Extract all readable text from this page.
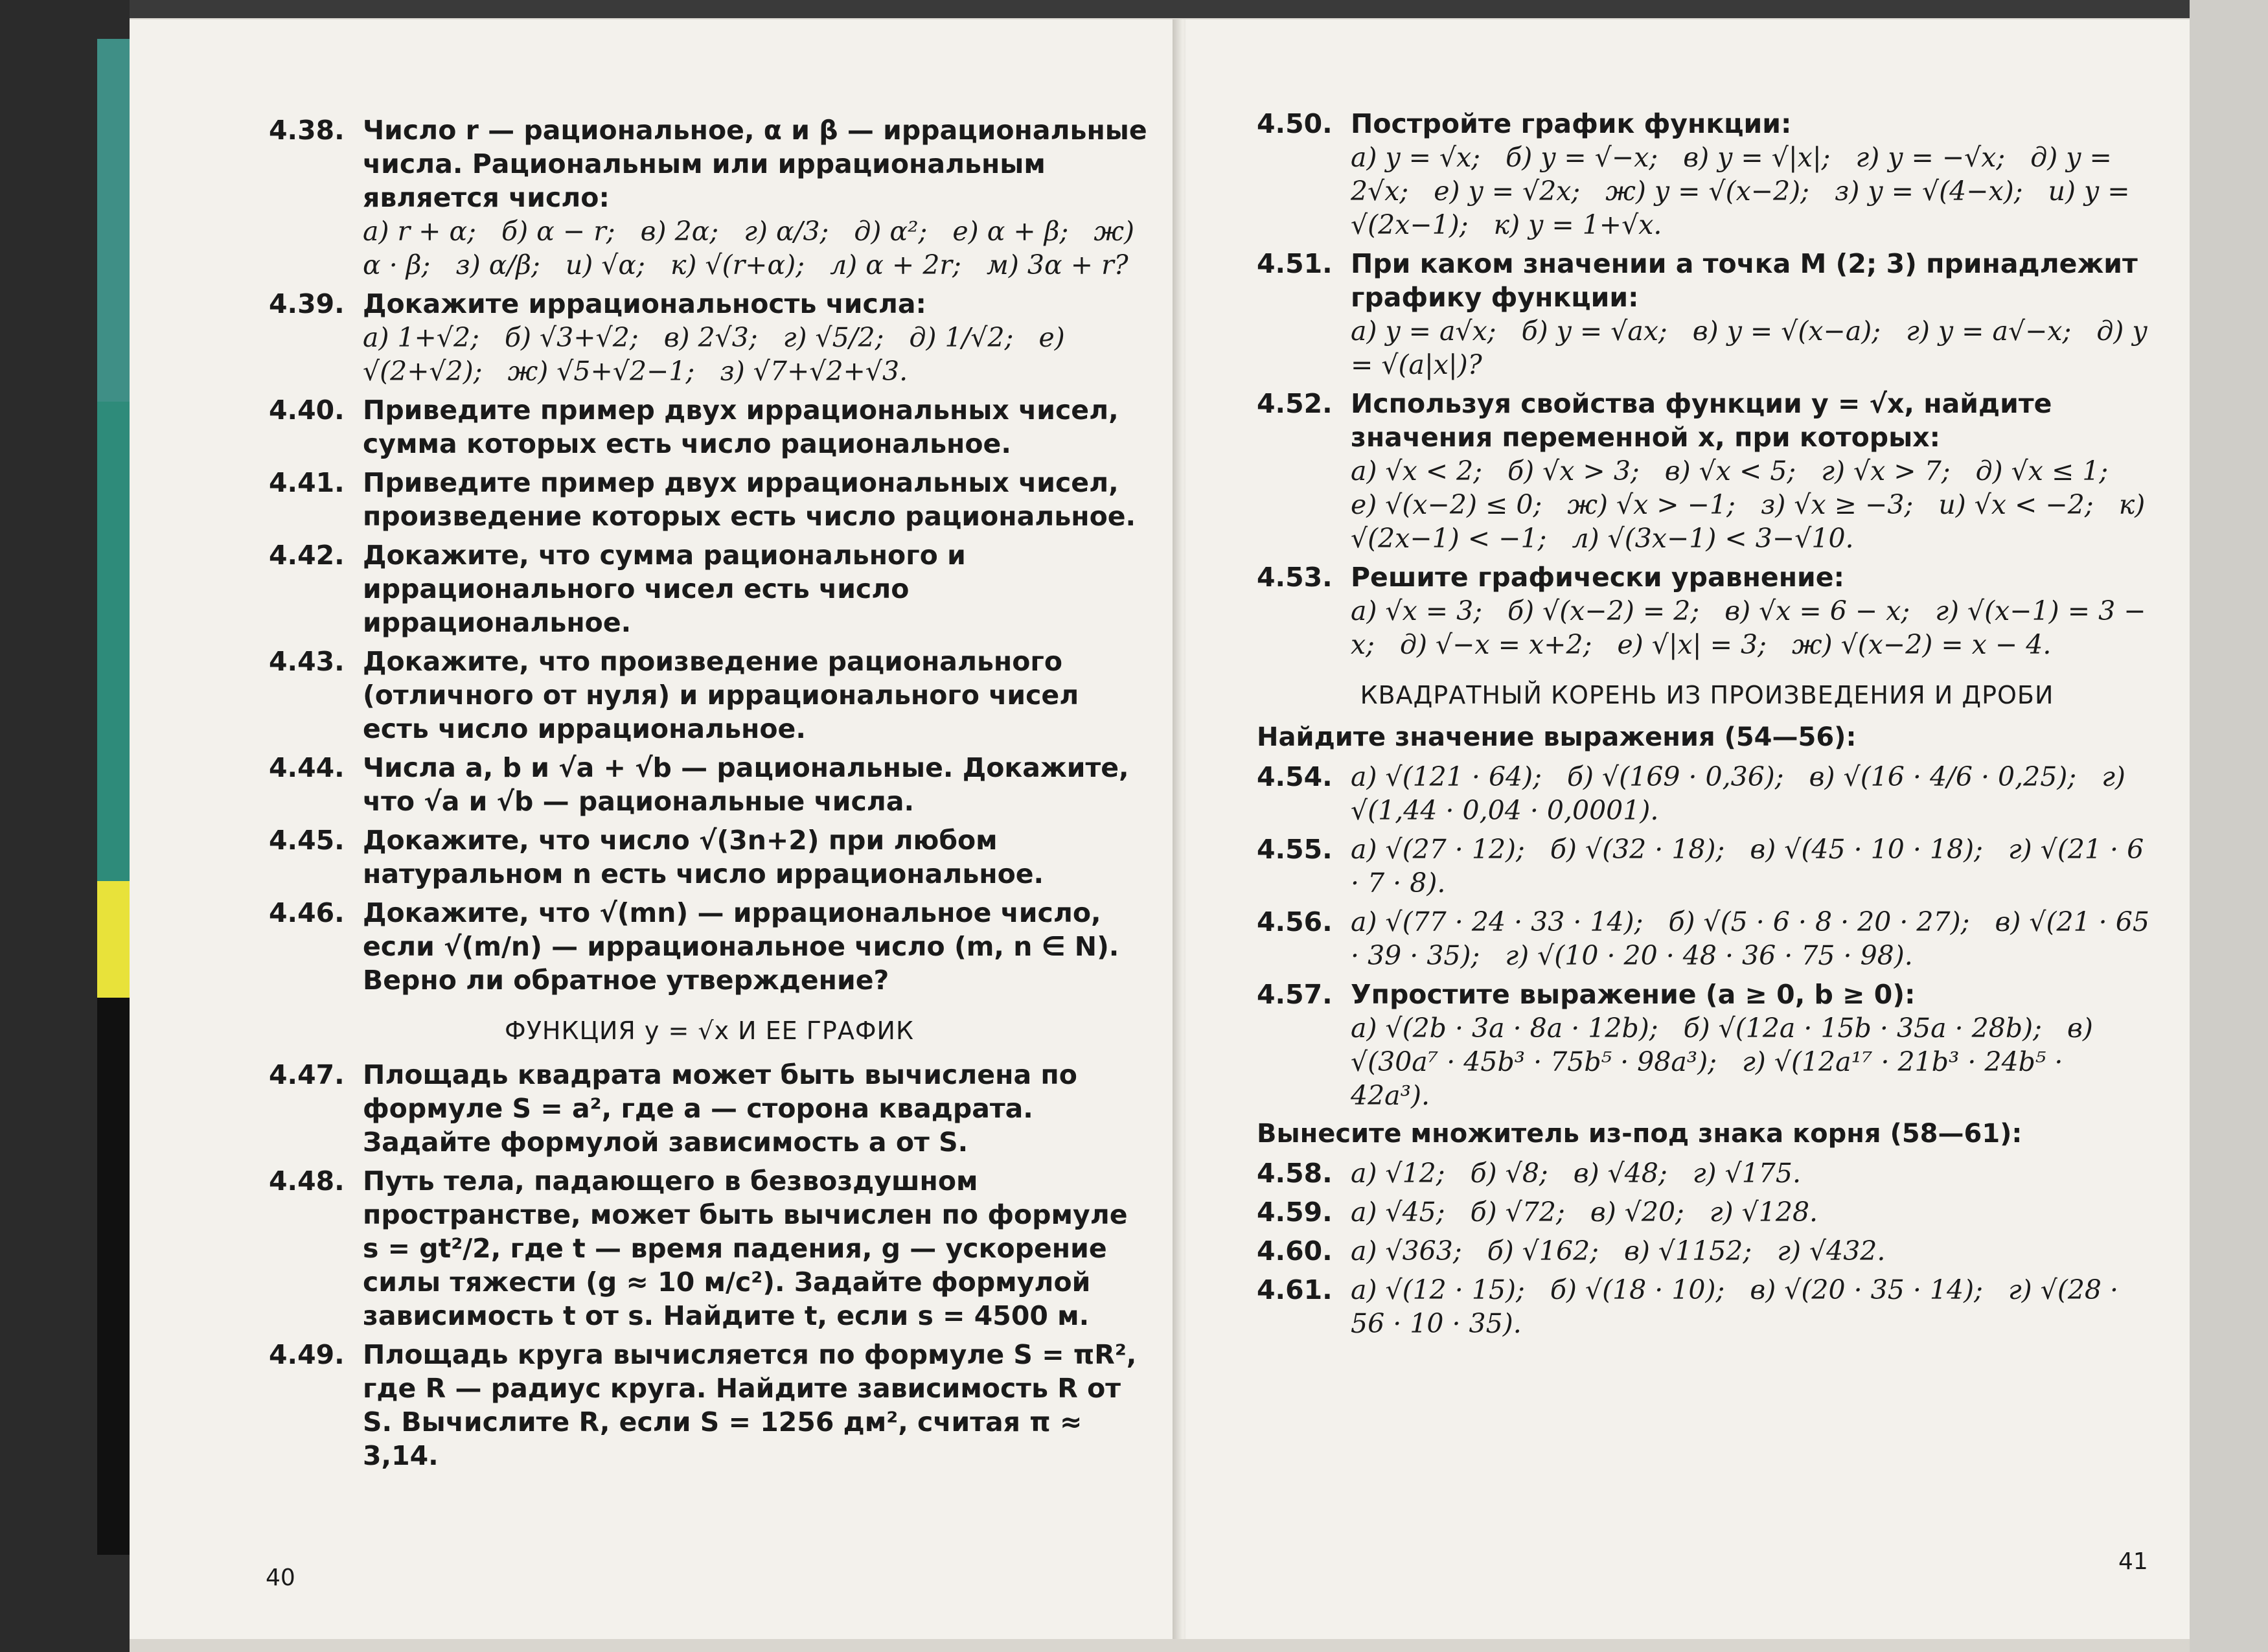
4.38. Число r — рациональное, α и β — иррациональные числа. Рациональным или иррациональным является число:
а) r + α; б) α − r; в) 2α; г) α/3; д) α²; е) α + β; ж) α · β; з) α/β; и) √α; к) √(r+α); л) α + 2r; м) 3α + r?
4.39. Докажите иррациональность числа:
а) 1+√2; б) √3+√2; в) 2√3; г) √5/2; д) 1/√2; е) √(2+√2); ж) √5+√2−1; з) √7+√2+√3.
4.40. Приведите пример двух иррациональных чисел, сумма которых есть число рациональное.
4.41. Приведите пример двух иррациональных чисел, произведение которых есть число рациональное.
4.42. Докажите, что сумма рационального и иррационального чисел есть число иррациональное.
4.43. Докажите, что произведение рационального (отличного от нуля) и иррационального чисел есть число иррациональное.
4.44. Числа a, b и √a + √b — рациональные. Докажите, что √a и √b — рациональные числа.
4.45. Докажите, что число √(3n+2) при любом натуральном n есть число иррациональное.
4.46. Докажите, что √(mn) — иррациональное число, если √(m/n) — иррациональное число (m, n ∈ N). Верно ли обратное утверждение?
ФУНКЦИЯ y = √x И ЕЕ ГРАФИК
4.47. Площадь квадрата может быть вычислена по формуле S = a², где a — сторона квадрата. Задайте формулой зависимость a от S.
4.48. Путь тела, падающего в безвоздушном пространстве, может быть вычислен по формуле s = gt²/2, где t — время падения, g — ускорение силы тяжести (g ≈ 10 м/с²). Задайте формулой зависимость t от s. Найдите t, если s = 4500 м.
4.49. Площадь круга вычисляется по формуле S = πR², где R — радиус круга. Найдите зависимость R от S. Вычислите R, если S = 1256 дм², считая π ≈ 3,14.
40
4.50. Постройте график функции:
а) y = √x; б) y = √−x; в) y = √|x|; г) y = −√x; д) y = 2√x; е) y = √2x; ж) y = √(x−2); з) y = √(4−x); и) y = √(2x−1); к) y = 1+√x.
4.51. При каком значении a точка M (2; 3) принадлежит графику функции:
а) y = a√x; б) y = √ax; в) y = √(x−a); г) y = a√−x; д) y = √(a|x|)?
4.52. Используя свойства функции y = √x, найдите значения переменной x, при которых:
а) √x < 2; б) √x > 3; в) √x < 5; г) √x > 7; д) √x ≤ 1; е) √(x−2) ≤ 0; ж) √x > −1; з) √x ≥ −3; и) √x < −2; к) √(2x−1) < −1; л) √(3x−1) < 3−√10.
4.53. Решите графически уравнение:
а) √x = 3; б) √(x−2) = 2; в) √x = 6 − x; г) √(x−1) = 3 − x; д) √−x = x+2; е) √|x| = 3; ж) √(x−2) = x − 4.
КВАДРАТНЫЙ КОРЕНЬ ИЗ ПРОИЗВЕДЕНИЯ И ДРОБИ
Найдите значение выражения (54—56):
4.54. а) √(121 · 64); б) √(169 · 0,36); в) √(16 · 4/6 · 0,25); г) √(1,44 · 0,04 · 0,0001).
4.55. а) √(27 · 12); б) √(32 · 18); в) √(45 · 10 · 18); г) √(21 · 6 · 7 · 8).
4.56. а) √(77 · 24 · 33 · 14); б) √(5 · 6 · 8 · 20 · 27); в) √(21 · 65 · 39 · 35); г) √(10 · 20 · 48 · 36 · 75 · 98).
4.57. Упростите выражение (a ≥ 0, b ≥ 0):
а) √(2b · 3a · 8a · 12b); б) √(12a · 15b · 35a · 28b); в) √(30a⁷ · 45b³ · 75b⁵ · 98a³); г) √(12a¹⁷ · 21b³ · 24b⁵ · 42a³).
Вынесите множитель из-под знака корня (58—61):
4.58. а) √12; б) √8; в) √48; г) √175.
4.59. а) √45; б) √72; в) √20; г) √128.
4.60. а) √363; б) √162; в) √1152; г) √432.
4.61. а) √(12 · 15); б) √(18 · 10); в) √(20 · 35 · 14); г) √(28 · 56 · 10 · 35).
41
